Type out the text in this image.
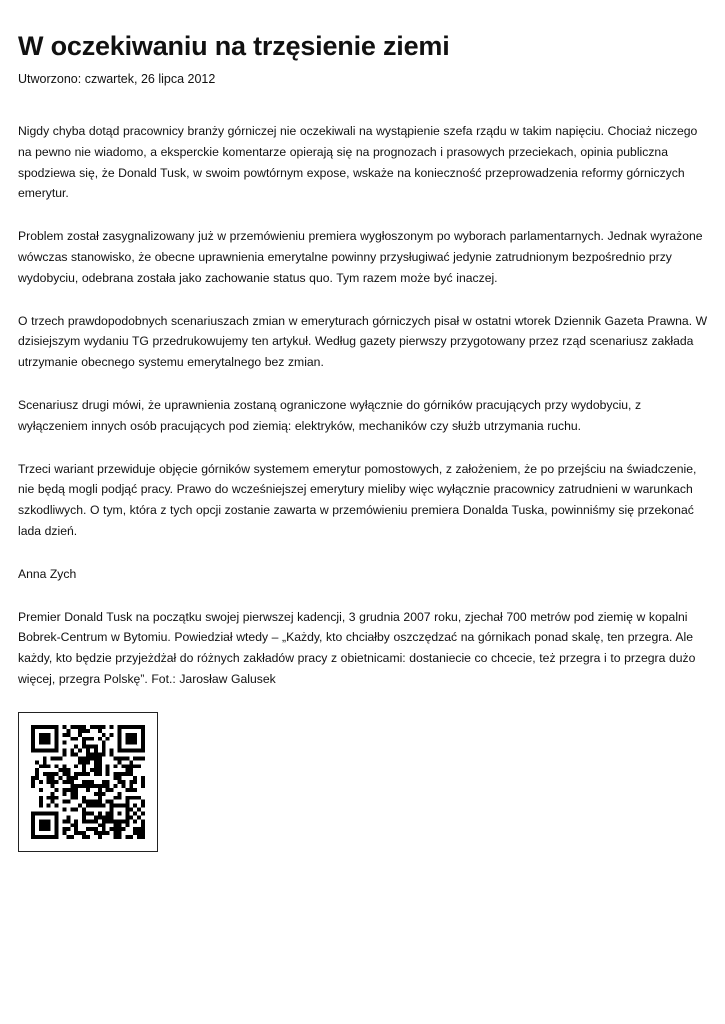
W oczekiwaniu na trzęsienie ziemi
Utworzono: czwartek, 26 lipca 2012

Nigdy chyba dotąd pracownicy branży górniczej nie oczekiwali na wystąpienie szefa rządu w takim napięciu. Chociaż niczego na pewno nie wiadomo, a eksperckie komentarze opierają się na prognozach i prasowych przeciekach, opinia publiczna spodziewa się, że Donald Tusk, w swoim powtórnym expose, wskaże na konieczność przeprowadzenia reformy górniczych emerytur.

Problem został zasygnalizowany już w przemówieniu premiera wygłoszonym po wyborach parlamentarnych. Jednak wyrażone wówczas stanowisko, że obecne uprawnienia emerytalne powinny przysługiwać jedynie zatrudnionym bezpośrednio przy wydobyciu, odebrana została jako zachowanie status quo. Tym razem może być inaczej.

O trzech prawdopodobnych scenariuszach zmian w emeryturach górniczych pisał w ostatni wtorek Dziennik Gazeta Prawna. W dzisiejszym wydaniu TG przedrukowujemy ten artykuł. Według gazety pierwszy przygotowany przez rząd scenariusz zakłada utrzymanie obecnego systemu emerytalnego bez zmian.

Scenariusz drugi mówi, że uprawnienia zostaną ograniczone wyłącznie do górników pracujących przy wydobyciu, z wyłączeniem innych osób pracujących pod ziemią: elektryków, mechaników czy służb utrzymania ruchu.

Trzeci wariant przewiduje objęcie górników systemem emerytur pomostowych, z założeniem, że po przejściu na świadczenie, nie będą mogli podjąć pracy. Prawo do wcześniejszej emerytury mieliby więc wyłącznie pracownicy zatrudnieni w warunkach szkodliwych. O tym, która z tych opcji zostanie zawarta w przemówieniu premiera Donalda Tuska, powinniśmy się przekonać lada dzień.

Anna Zych

Premier Donald Tusk na początku swojej pierwszej kadencji, 3 grudnia 2007 roku, zjechał 700 metrów pod ziemię w kopalni Bobrek-Centrum w Bytomiu. Powiedział wtedy – „Każdy, kto chciałby oszczędzać na górnikach ponad skalę, ten przegra. Ale każdy, kto będzie przyjeżdżał do różnych zakładów pracy z obietnicami: dostaniecie co chcecie, też przegra i to przegra dużo więcej, przegra Polskę”. Fot.: Jarosław Galusek
